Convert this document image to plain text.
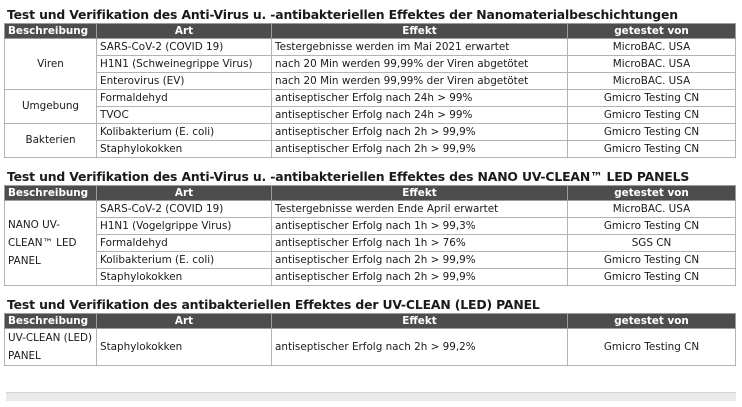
Test und Verifikation des Anti-Virus u. -antibakteriellen Effektes der Nanomaterialbeschichtungen
Beschreibung	Art	Effekt	getestet von
Viren	SARS-CoV-2 (COVID 19)	Testergebnisse werden im Mai 2021 erwartet	MicroBAC. USA
	H1N1 (Schweinegrippe Virus)	nach 20 Min werden 99,99% der Viren abgetötet	MicroBAC. USA
	Enterovirus (EV)	nach 20 Min werden 99,99% der Viren abgetötet	MicroBAC. USA
Umgebung	Formaldehyd	antiseptischer Erfolg nach 24h > 99%	Gmicro Testing CN
	TVOC	antiseptischer Erfolg nach 24h > 99%	Gmicro Testing CN
Bakterien	Kolibakterium (E. coli)	antiseptischer Erfolg nach 2h > 99,9%	Gmicro Testing CN
	Staphylokokken	antiseptischer Erfolg nach 2h > 99,9%	Gmicro Testing CN
Test und Verifikation des Anti-Virus u. -antibakteriellen Effektes des NANO UV-CLEAN™ LED PANELS
Beschreibung	Art	Effekt	getestet von
NANO UV-CLEAN™ LED PANEL	SARS-CoV-2 (COVID 19)	Testergebnisse werden Ende April erwartet	MicroBAC. USA
	H1N1 (Vogelgrippe Virus)	antiseptischer Erfolg nach 1h > 99,3%	Gmicro Testing CN
	Formaldehyd	antiseptischer Erfolg nach 1h > 76%	SGS CN
	Kolibakterium (E. coli)	antiseptischer Erfolg nach 2h > 99,9%	Gmicro Testing CN
	Staphylokokken	antiseptischer Erfolg nach 2h > 99,9%	Gmicro Testing CN
Test und Verifikation des antibakteriellen Effektes der UV-CLEAN (LED) PANEL
Beschreibung	Art	Effekt	getestet von
UV-CLEAN (LED) PANEL	Staphylokokken	antiseptischer Erfolg nach 2h > 99,2%	Gmicro Testing CN
